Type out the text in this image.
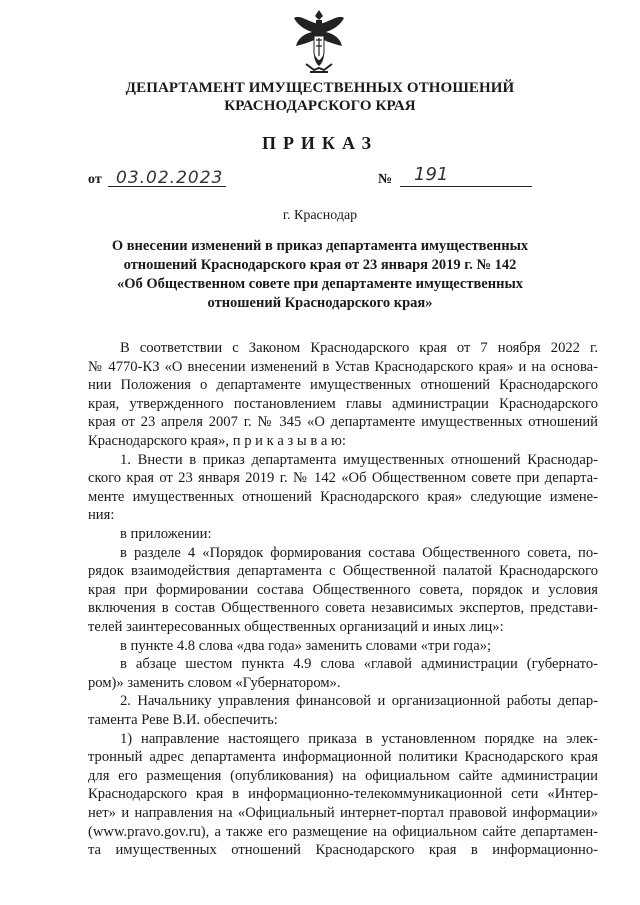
ДЕПАРТАМЕНТ ИМУЩЕСТВЕННЫХ ОТНОШЕНИЙ
КРАСНОДАРСКОГО КРАЯ
ПРИКАЗ
от 03.02.2023	№ 191
г. Краснодар
О внесении изменений в приказ департамента имущественных
отношений Краснодарского края от 23 января 2019 г. № 142
«Об Общественном совете при департаменте имущественных
отношений Краснодарского края»
В соответствии с Законом Краснодарского края от 7 ноября 2022 г.
№ 4770-КЗ «О внесении изменений в Устав Краснодарского края» и на основа-
нии Положения о департаменте имущественных отношений Краснодарского
края, утвержденного постановлением главы администрации Краснодарского
края от 23 апреля 2007 г. № 345 «О департаменте имущественных отношений
Краснодарского края», п р и к а з ы в а ю:
1. Внести в приказ департамента имущественных отношений Краснодар-
ского края от 23 января 2019 г. № 142 «Об Общественном совете при департа-
менте имущественных отношений Краснодарского края» следующие измене-
ния:
в приложении:
в разделе 4 «Порядок формирования состава Общественного совета, по-
рядок взаимодействия департамента с Общественной палатой Краснодарского
края при формировании состава Общественного совета, порядок и условия
включения в состав Общественного совета независимых экспертов, представи-
телей заинтересованных общественных организаций и иных лиц»:
в пункте 4.8 слова «два года» заменить словами «три года»;
в абзаце шестом пункта 4.9 слова «главой администрации (губернато-
ром)» заменить словом «Губернатором».
2. Начальнику управления финансовой и организационной работы депар-
тамента Реве В.И. обеспечить:
1) направление настоящего приказа в установленном порядке на элек-
тронный адрес департамента информационной политики Краснодарского края
для его размещения (опубликования) на официальном сайте администрации
Краснодарского края в информационно-телекоммуникационной сети «Интер-
нет» и направления на «Официальный интернет-портал правовой информации»
(www.pravo.gov.ru), а также его размещение на официальном сайте департамен-
та имущественных отношений Краснодарского края в информационно-
